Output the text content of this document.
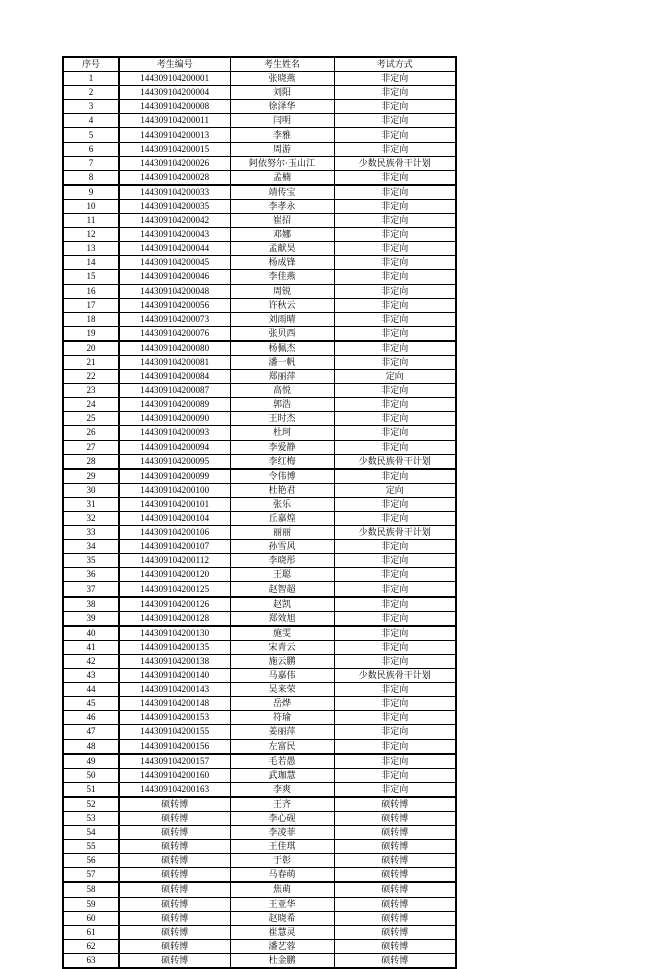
序号	考生编号	考生姓名	考试方式
1	144309104200001	张晓燕	非定向
2	144309104200004	刘阳	非定向
3	144309104200008	徐泽华	非定向
4	144309104200011	闫明	非定向
5	144309104200013	李雅	非定向
6	144309104200015	周游	非定向
7	144309104200026	阿依努尔·玉山江	少数民族骨干计划
8	144309104200028	孟楠	非定向
9	144309104200033	靖传宝	非定向
10	144309104200035	李孝永	非定向
11	144309104200042	崔招	非定向
12	144309104200043	邓娜	非定向
13	144309104200044	孟献昊	非定向
14	144309104200045	杨成锋	非定向
15	144309104200046	李佳燕	非定向
16	144309104200048	周锐	非定向
17	144309104200056	许秋云	非定向
18	144309104200073	刘雨晴	非定向
19	144309104200076	张贝西	非定向
20	144309104200080	杨佩杰	非定向
21	144309104200081	潘一帆	非定向
22	144309104200084	郑丽萍	定向
23	144309104200087	高悦	非定向
24	144309104200089	郭浩	非定向
25	144309104200090	王时杰	非定向
26	144309104200093	杜珂	非定向
27	144309104200094	李爱静	非定向
28	144309104200095	李红梅	少数民族骨干计划
29	144309104200099	令伟博	非定向
30	144309104200100	杜艳君	定向
31	144309104200101	张乐	非定向
32	144309104200104	丘嘉煌	非定向
33	144309104200106	丽丽	少数民族骨干计划
34	144309104200107	孙雪风	非定向
35	144309104200112	李晓彤	非定向
36	144309104200120	王聪	非定向
37	144309104200125	赵智超	非定向
38	144309104200126	赵凯	非定向
39	144309104200128	郑效旭	非定向
40	144309104200130	施雯	非定向
41	144309104200135	宋青云	非定向
42	144309104200138	施云鹏	非定向
43	144309104200140	马嘉伟	少数民族骨干计划
44	144309104200143	吴来荣	非定向
45	144309104200148	岳烨	非定向
46	144309104200153	符瑜	非定向
47	144309104200155	姜丽萍	非定向
48	144309104200156	左富民	非定向
49	144309104200157	毛若愚	非定向
50	144309104200160	武珈慧	非定向
51	144309104200163	李爽	非定向
52	硕转博	王齐	硕转博
53	硕转博	李心砚	硕转博
54	硕转博	李凌菲	硕转博
55	硕转博	王佳琪	硕转博
56	硕转博	于彰	硕转博
57	硕转博	马春萌	硕转博
58	硕转博	焦萌	硕转博
59	硕转博	王亚华	硕转博
60	硕转博	赵晓希	硕转博
61	硕转博	崔慧灵	硕转博
62	硕转博	潘艺蓉	硕转博
63	硕转博	杜金鹏	硕转博
